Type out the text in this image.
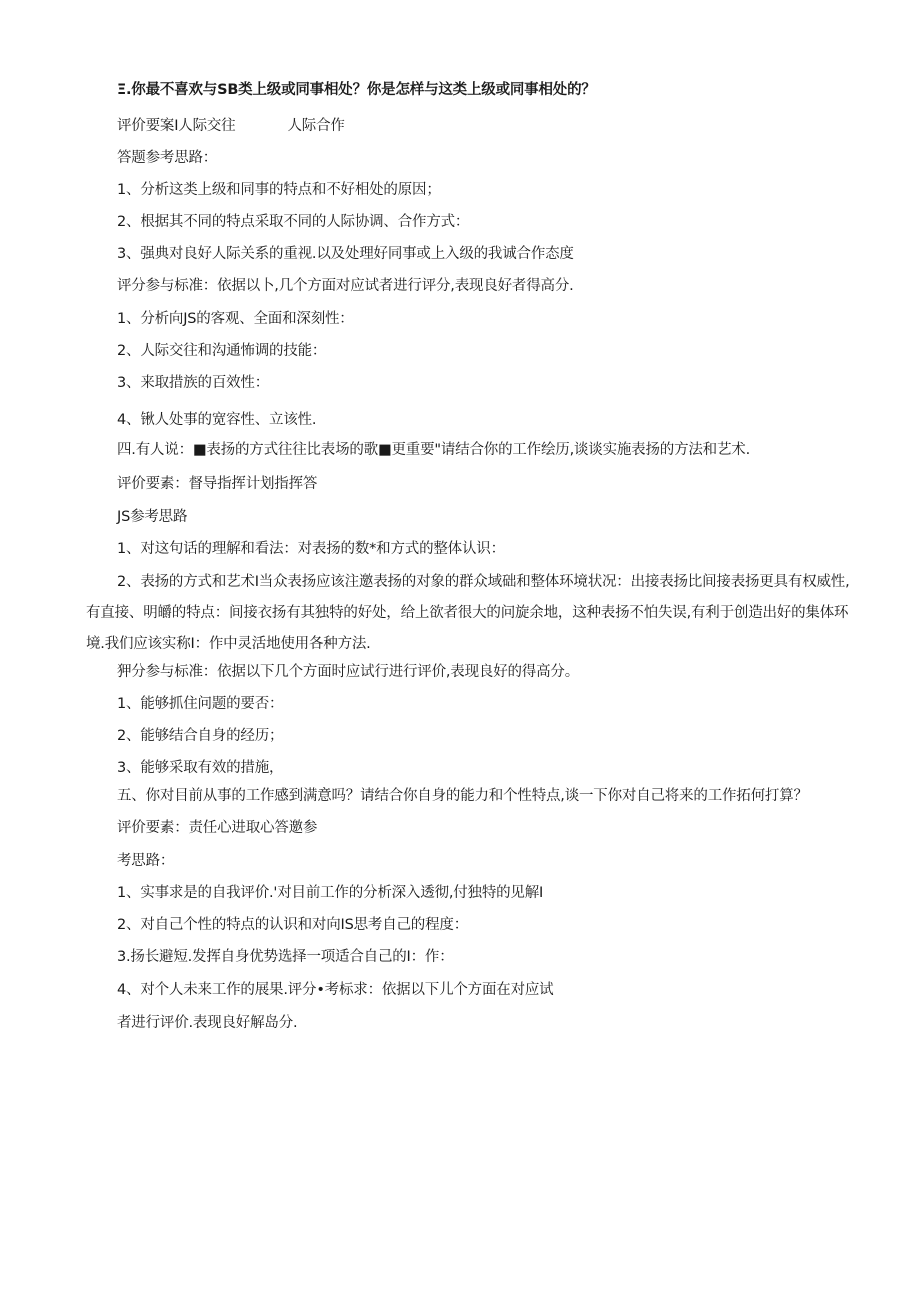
Ξ.你最不喜欢与SB类上级或同事相处？你是怎样与这类上级或同事相处的？

评价要案I人际交往	人际合作

答题参考思路：

1、分析这类上级和同事的特点和不好相处的原因；

2、根据其不同的特点采取不同的人际协调、合作方式：

3、强典对良好人际关系的重视.以及处理好同事或上入级的我诚合作态度

评分参与标准：依据以卜,几个方面对应试者进行评分,表现良好者得高分.

1、分析向JS的客观、全面和深刻性：

2、人际交往和沟通怖调的技能：

3、来取措族的百效性：

4、锹人处事的宽容性、立该性.

四.有人说：■表扬的方式往往比表场的歌■更重要"请结合你的工作绘历,谈谈实施表扬的方法和艺术.

评价要素：督导指挥计划指挥答

JS参考思路

1、对这句话的理解和看法：对表扬的数*和方式的整体认识：

2、表扬的方式和艺术I当众表扬应该注邀表扬的对象的群众域础和整体环境状况：出接表扬比间接表扬更具有权威性,有直接、明皭的特点：间接衣扬有其独特的好处，给上欲者很大的问旋余地，这种表扬不怕失误,有利于创造出好的集体环境.我们应该实称I：作中灵活地使用各种方法.

狎分参与标准：依据以下几个方面时应试行进行评价,表现良好的得高分。

1、能够抓住问题的要否：

2、能够结合自身的经历；

3、能够采取有效的措施，

五、你对目前从事的工作感到满意吗？请结合你自身的能力和个性特点,谈一下你对自己将来的工作拓何打算？

评价要素：责任心进取心答邀参

考思路：

1、实事求是的自我评价.'对目前工作的分析深入透彻,付独特的见解I

2、对自己个性的特点的认识和对向IS思考自己的程度：

3.扬长避短.发挥自身优势选择一项适合自己的I：作：

4、对个人未来工作的展果.评分•考标求：依据以下儿个方面在对应试

者进行评价.表现良好解岛分.
